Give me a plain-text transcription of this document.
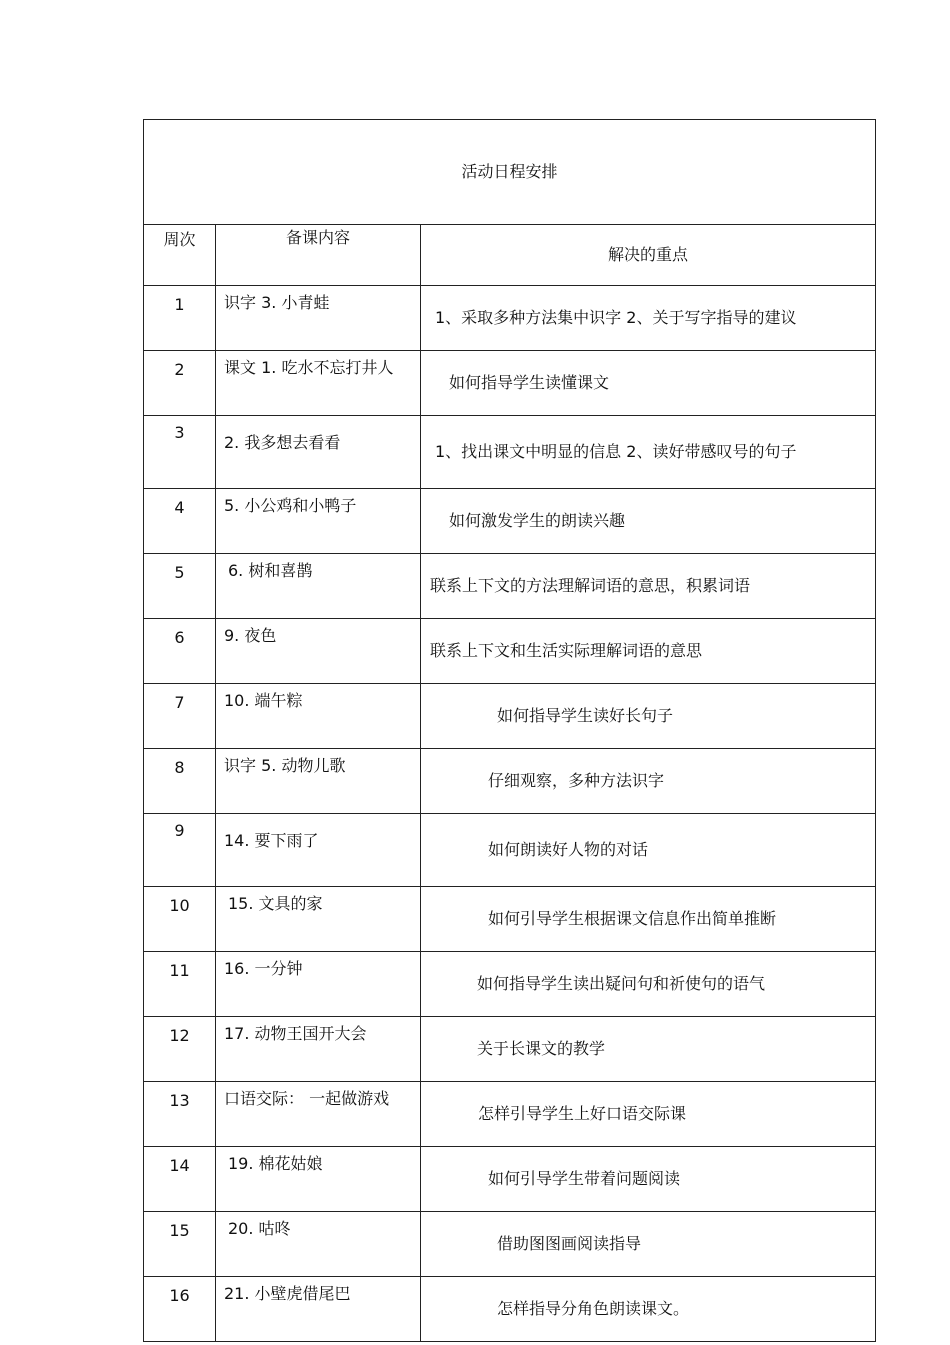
活动日程安排		
周次	备课内容	解决的重点
1	识字 3. 小青蛙	1、采取多种方法集中识字 2、关于写字指导的建议
2	课文 1. 吃水不忘打井人	如何指导学生读懂课文
3	2. 我多想去看看	1、找出课文中明显的信息 2、读好带感叹号的句子
4	5. 小公鸡和小鸭子	如何激发学生的朗读兴趣
5	6. 树和喜鹊	联系上下文的方法理解词语的意思，积累词语
6	9. 夜色	联系上下文和生活实际理解词语的意思
7	10. 端午粽	如何指导学生读好长句子
8	识字 5. 动物儿歌	仔细观察，多种方法识字
9	14. 要下雨了	如何朗读好人物的对话
10	15. 文具的家	如何引导学生根据课文信息作出简单推断
11	16. 一分钟	如何指导学生读出疑问句和祈使句的语气
12	17. 动物王国开大会	关于长课文的教学
13	口语交际： 一起做游戏	怎样引导学生上好口语交际课
14	19. 棉花姑娘	如何引导学生带着问题阅读
15	20. 咕咚	借助图图画阅读指导
16	21. 小壁虎借尾巴	怎样指导分角色朗读课文。
